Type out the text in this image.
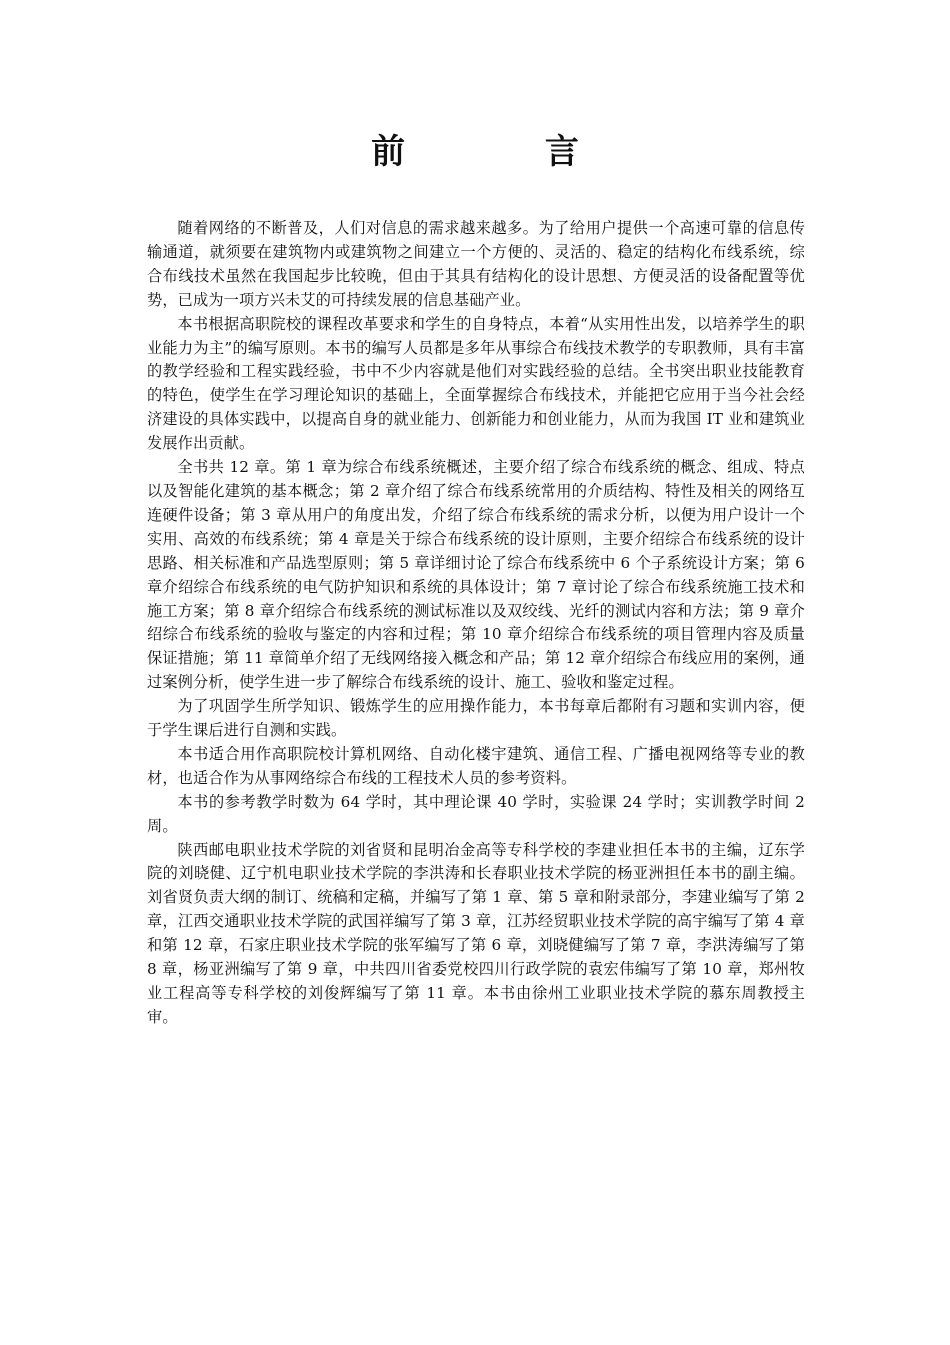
前 言

随着网络的不断普及，人们对信息的需求越来越多。为了给用户提供一个高速可靠的信息传输通道，就须要在建筑物内或建筑物之间建立一个方便的、灵活的、稳定的结构化布线系统，综合布线技术虽然在我国起步比较晚，但由于其具有结构化的设计思想、方便灵活的设备配置等优势，已成为一项方兴未艾的可持续发展的信息基础产业。

本书根据高职院校的课程改革要求和学生的自身特点，本着“从实用性出发，以培养学生的职业能力为主”的编写原则。本书的编写人员都是多年从事综合布线技术教学的专职教师，具有丰富的教学经验和工程实践经验，书中不少内容就是他们对实践经验的总结。全书突出职业技能教育的特色，使学生在学习理论知识的基础上，全面掌握综合布线技术，并能把它应用于当今社会经济建设的具体实践中，以提高自身的就业能力、创新能力和创业能力，从而为我国 IT 业和建筑业发展作出贡献。

全书共 12 章。第 1 章为综合布线系统概述，主要介绍了综合布线系统的概念、组成、特点以及智能化建筑的基本概念；第 2 章介绍了综合布线系统常用的介质结构、特性及相关的网络互连硬件设备；第 3 章从用户的角度出发，介绍了综合布线系统的需求分析，以便为用户设计一个实用、高效的布线系统；第 4 章是关于综合布线系统的设计原则，主要介绍综合布线系统的设计思路、相关标准和产品选型原则；第 5 章详细讨论了综合布线系统中 6 个子系统设计方案；第 6 章介绍综合布线系统的电气防护知识和系统的具体设计；第 7 章讨论了综合布线系统施工技术和施工方案；第 8 章介绍综合布线系统的测试标准以及双绞线、光纤的测试内容和方法；第 9 章介绍综合布线系统的验收与鉴定的内容和过程；第 10 章介绍综合布线系统的项目管理内容及质量保证措施；第 11 章简单介绍了无线网络接入概念和产品；第 12 章介绍综合布线应用的案例，通过案例分析，使学生进一步了解综合布线系统的设计、施工、验收和鉴定过程。

为了巩固学生所学知识、锻炼学生的应用操作能力，本书每章后都附有习题和实训内容，便于学生课后进行自测和实践。

本书适合用作高职院校计算机网络、自动化楼宇建筑、通信工程、广播电视网络等专业的教材，也适合作为从事网络综合布线的工程技术人员的参考资料。

本书的参考教学时数为 64 学时，其中理论课 40 学时，实验课 24 学时；实训教学时间 2 周。

陕西邮电职业技术学院的刘省贤和昆明冶金高等专科学校的李建业担任本书的主编，辽东学院的刘晓健、辽宁机电职业技术学院的李洪涛和长春职业技术学院的杨亚洲担任本书的副主编。刘省贤负责大纲的制订、统稿和定稿，并编写了第 1 章、第 5 章和附录部分，李建业编写了第 2 章，江西交通职业技术学院的武国祥编写了第 3 章，江苏经贸职业技术学院的高宇编写了第 4 章和第 12 章，石家庄职业技术学院的张军编写了第 6 章，刘晓健编写了第 7 章，李洪涛编写了第 8 章，杨亚洲编写了第 9 章，中共四川省委党校四川行政学院的袁宏伟编写了第 10 章，郑州牧业工程高等专科学校的刘俊辉编写了第 11 章。本书由徐州工业职业技术学院的慕东周教授主审。
